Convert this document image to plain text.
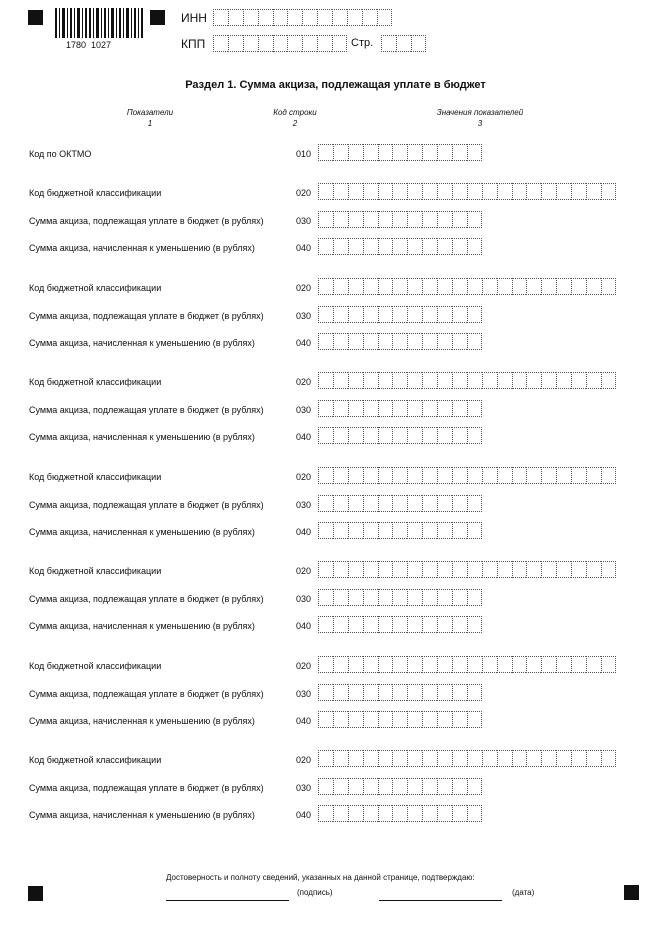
1780  1027
ИНН
КПП	Стр.
Раздел 1. Сумма акциза, подлежащая уплате в бюджет
Показатели
1
Код строки
2
Значения показателей
3
Код по ОКТМО	010
Код бюджетной классификации	020
Сумма акциза, подлежащая уплате в бюджет (в рублях)	030
Сумма акциза, начисленная к уменьшению (в рублях)	040
Код бюджетной классификации	020
Сумма акциза, подлежащая уплате в бюджет (в рублях)	030
Сумма акциза, начисленная к уменьшению (в рублях)	040
Код бюджетной классификации	020
Сумма акциза, подлежащая уплате в бюджет (в рублях)	030
Сумма акциза, начисленная к уменьшению (в рублях)	040
Код бюджетной классификации	020
Сумма акциза, подлежащая уплате в бюджет (в рублях)	030
Сумма акциза, начисленная к уменьшению (в рублях)	040
Код бюджетной классификации	020
Сумма акциза, подлежащая уплате в бюджет (в рублях)	030
Сумма акциза, начисленная к уменьшению (в рублях)	040
Код бюджетной классификации	020
Сумма акциза, подлежащая уплате в бюджет (в рублях)	030
Сумма акциза, начисленная к уменьшению (в рублях)	040
Код бюджетной классификации	020
Сумма акциза, подлежащая уплате в бюджет (в рублях)	030
Сумма акциза, начисленная к уменьшению (в рублях)	040
Достоверность и полноту сведений, указанных на данной странице, подтверждаю:
(подпись)	(дата)
